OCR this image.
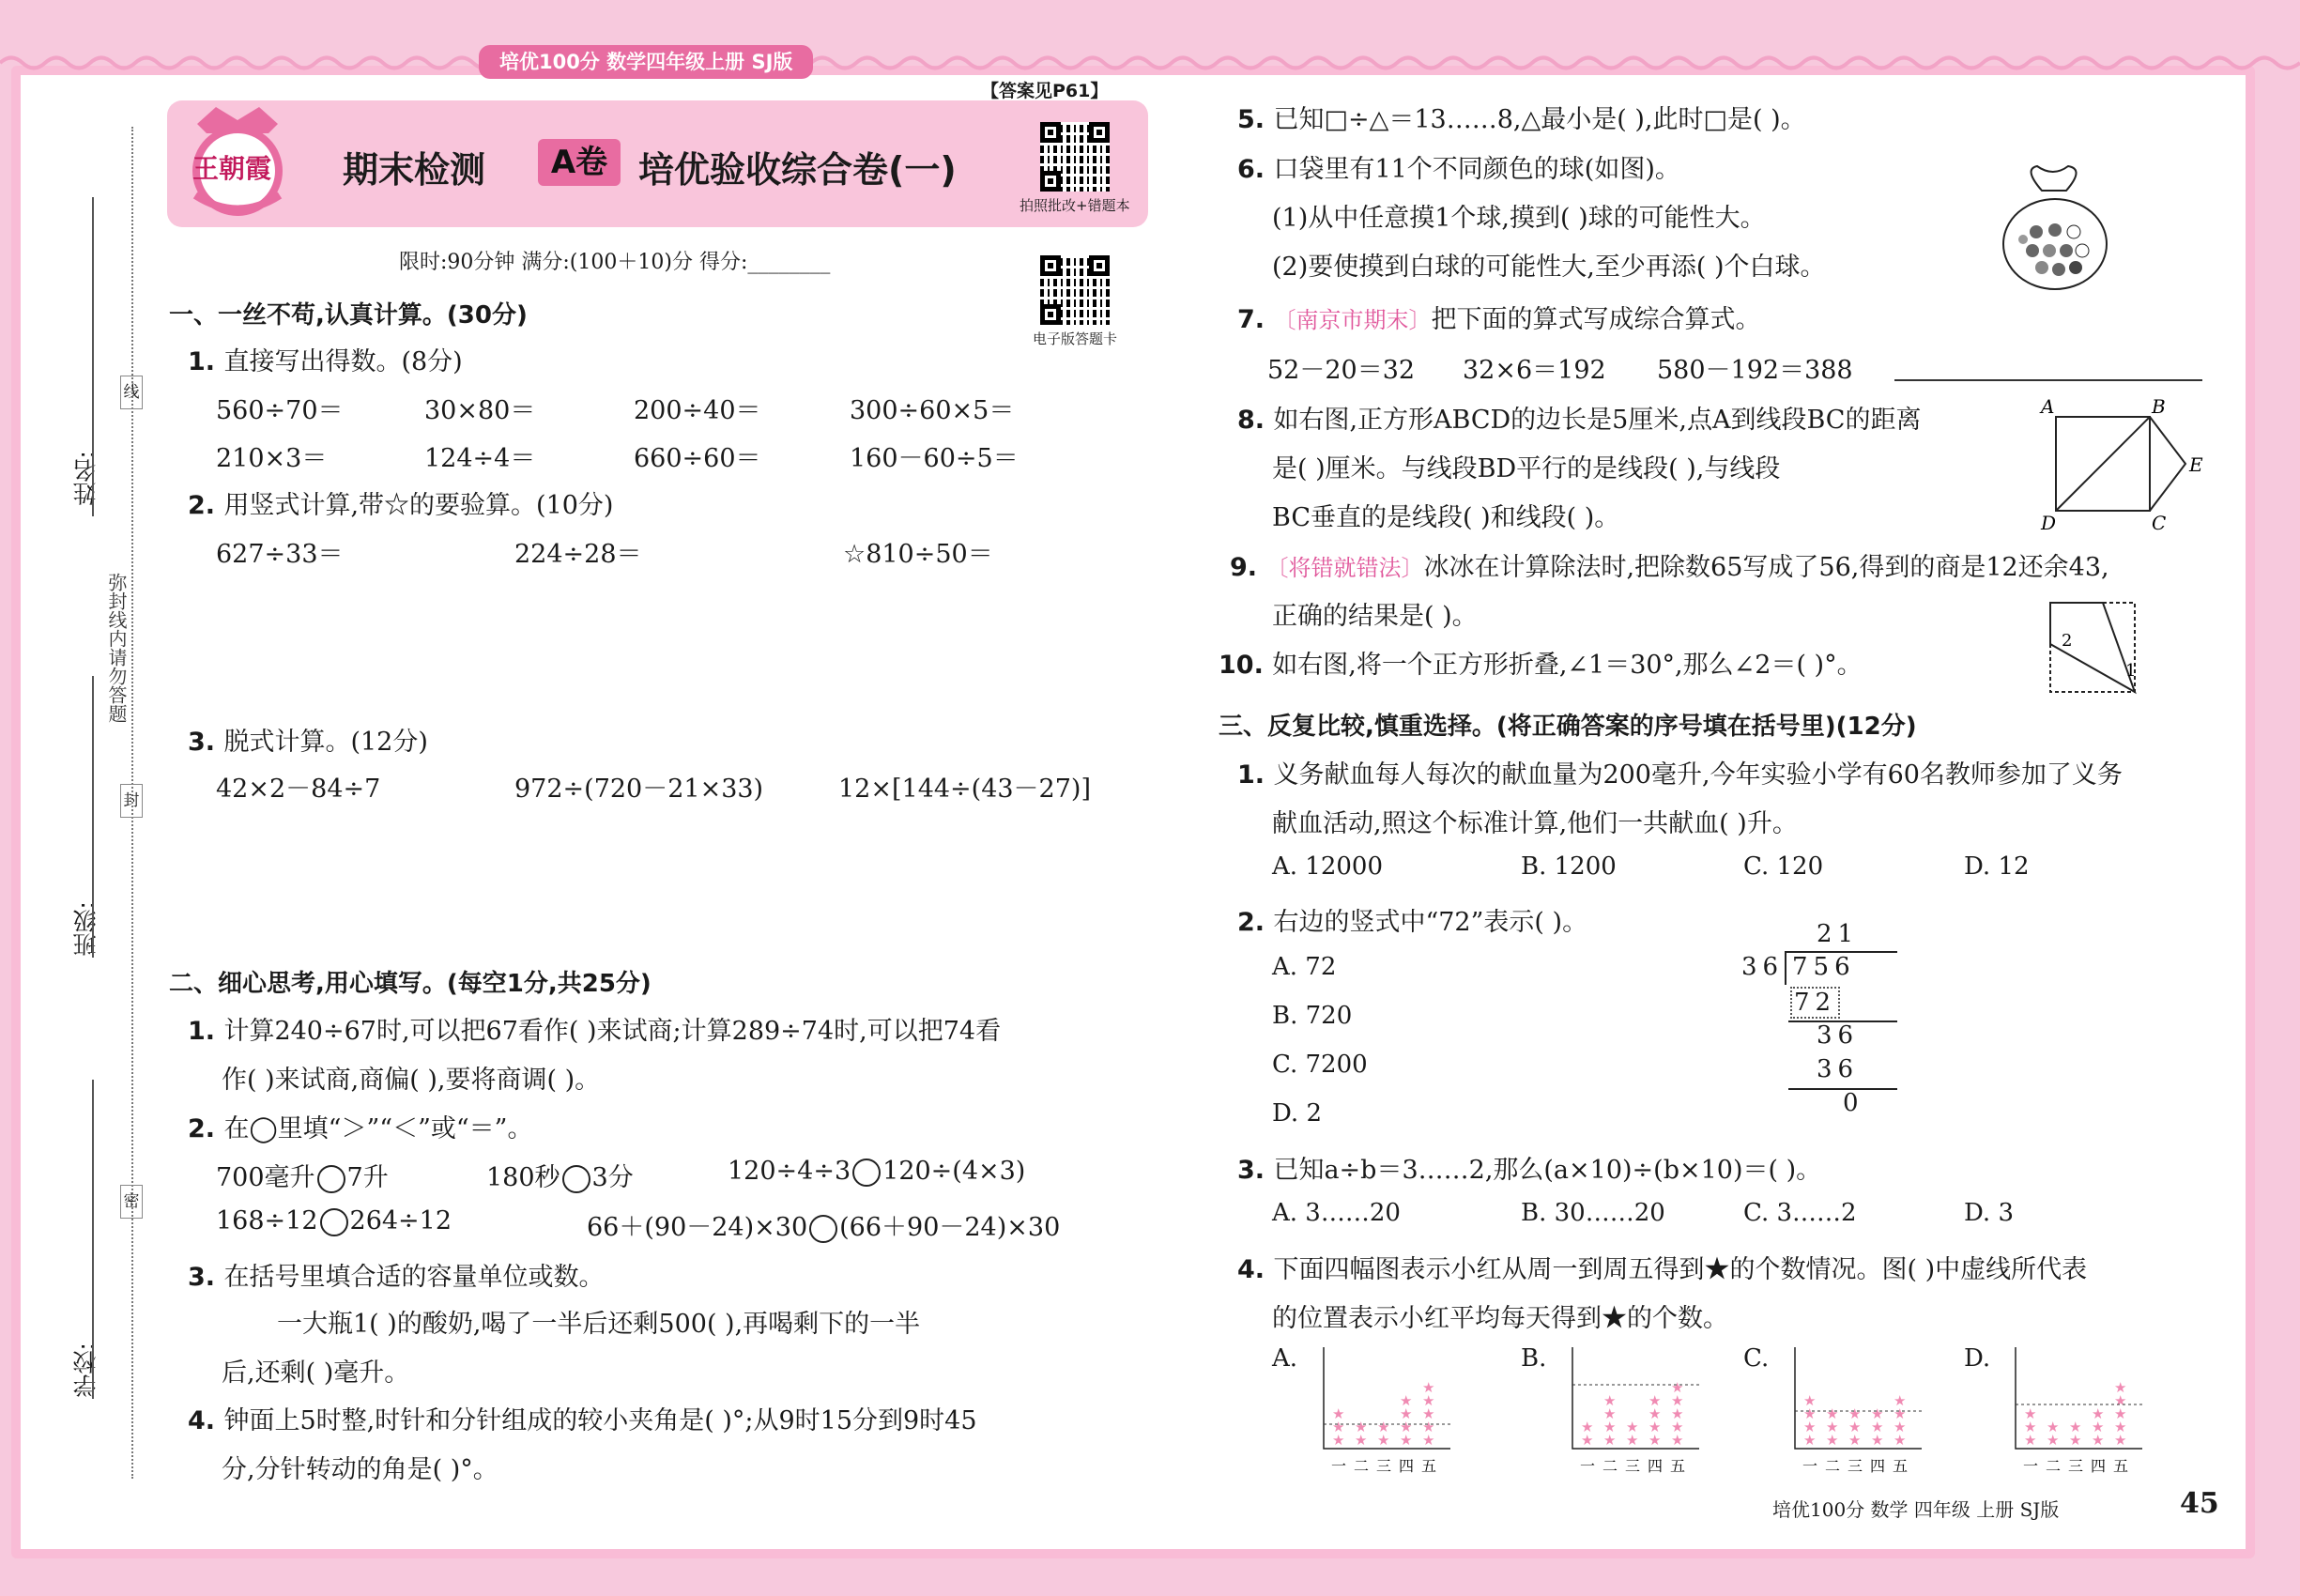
培优100分 数学四年级上册 SJ版
姓名:
班级:
学校:
线
封
密
弥封线内请勿答题
【答案见P61】
王朝霞 期末检测	A卷 培优验收综合卷(一)
拍照批改+错题本
电子版答题卡
限时:90分钟 满分:(100＋10)分 得分:________
一、一丝不苟,认真计算。(30分)
1. 直接写出得数。(8分)
560÷70＝	30×80＝	200÷40＝	300÷60×5＝
210×3＝	124÷4＝	660÷60＝	160－60÷5＝
2. 用竖式计算,带☆的要验算。(10分)
627÷33＝	224÷28＝	☆810÷50＝
3. 脱式计算。(12分)
42×2－84÷7	972÷(720－21×33)	12×[144÷(43－27)]
二、细心思考,用心填写。(每空1分,共25分)
1. 计算240÷67时,可以把67看作( )来试商;计算289÷74时,可以把74看
作( )来试商,商偏( ),要将商调( )。
2. 在◯里填“＞”“＜”或“＝”。
700毫升 7升	180秒 3分	120÷4÷3 120÷(4×3)
168÷12 264÷12	66＋(90－24)×30 (66＋90－24)×30
3. 在括号里填合适的容量单位或数。
一大瓶1( )的酸奶,喝了一半后还剩500( ),再喝剩下的一半
后,还剩( )毫升。
4. 钟面上5时整,时针和分针组成的较小夹角是( )°;从9时15分到9时45
分,分针转动的角是( )°。
5. 已知□÷△＝13……8,△最小是( ),此时□是( )。
6. 口袋里有11个不同颜色的球(如图)。
(1)从中任意摸1个球,摸到( )球的可能性大。
(2)要使摸到白球的可能性大,至少再添( )个白球。
7. 〔南京市期末〕把下面的算式写成综合算式。
52－20＝32 32×6＝192 580－192＝388
8. 如右图,正方形ABCD的边长是5厘米,点A到线段BC的距离
是( )厘米。与线段BD平行的是线段( ),与线段
BC垂直的是线段( )和线段( )。
A	B
E
D	C
9. 〔将错就错法〕冰冰在计算除法时,把除数65写成了56,得到的商是12还余43,
正确的结果是( )。
10. 如右图,将一个正方形折叠,∠1＝30°,那么∠2＝( )°。
2
1
三、反复比较,慎重选择。(将正确答案的序号填在括号里)(12分)
1. 义务献血每人每次的献血量为200毫升,今年实验小学有60名教师参加了义务
献血活动,照这个标准计算,他们一共献血( )升。
A. 12000	B. 1200	C. 120	D. 12
2. 右边的竖式中“72”表示( )。
A. 72
B. 720
C. 7200
D. 2
21
36 756
72
36
36
0
3. 已知a÷b＝3……2,那么(a×10)÷(b×10)＝( )。
A. 3……20	B. 30……20	C. 3……2	D. 3
4. 下面四幅图表示小红从周一到周五得到★的个数情况。图( )中虚线所代表
的位置表示小红平均每天得到★的个数。
A.
★
★
★
一
★
★
二
★
★
三
★
★
★
★
四
★
★
★
★
★
五
B.
★
★
一
★
★
★
★
二
★
★
三
★
★
★
★
四
★
★
★
★
★
五
C.
★
★
★
★
一
★
★
★
二
★
★
★
三
★
★
★
四
★
★
★
★
五
D.
★
★
★
一
★
★
二
★
★
三
★
★
★
四
★
★
★
★
★
五
培优100分 数学 四年级 上册 SJ版	45
